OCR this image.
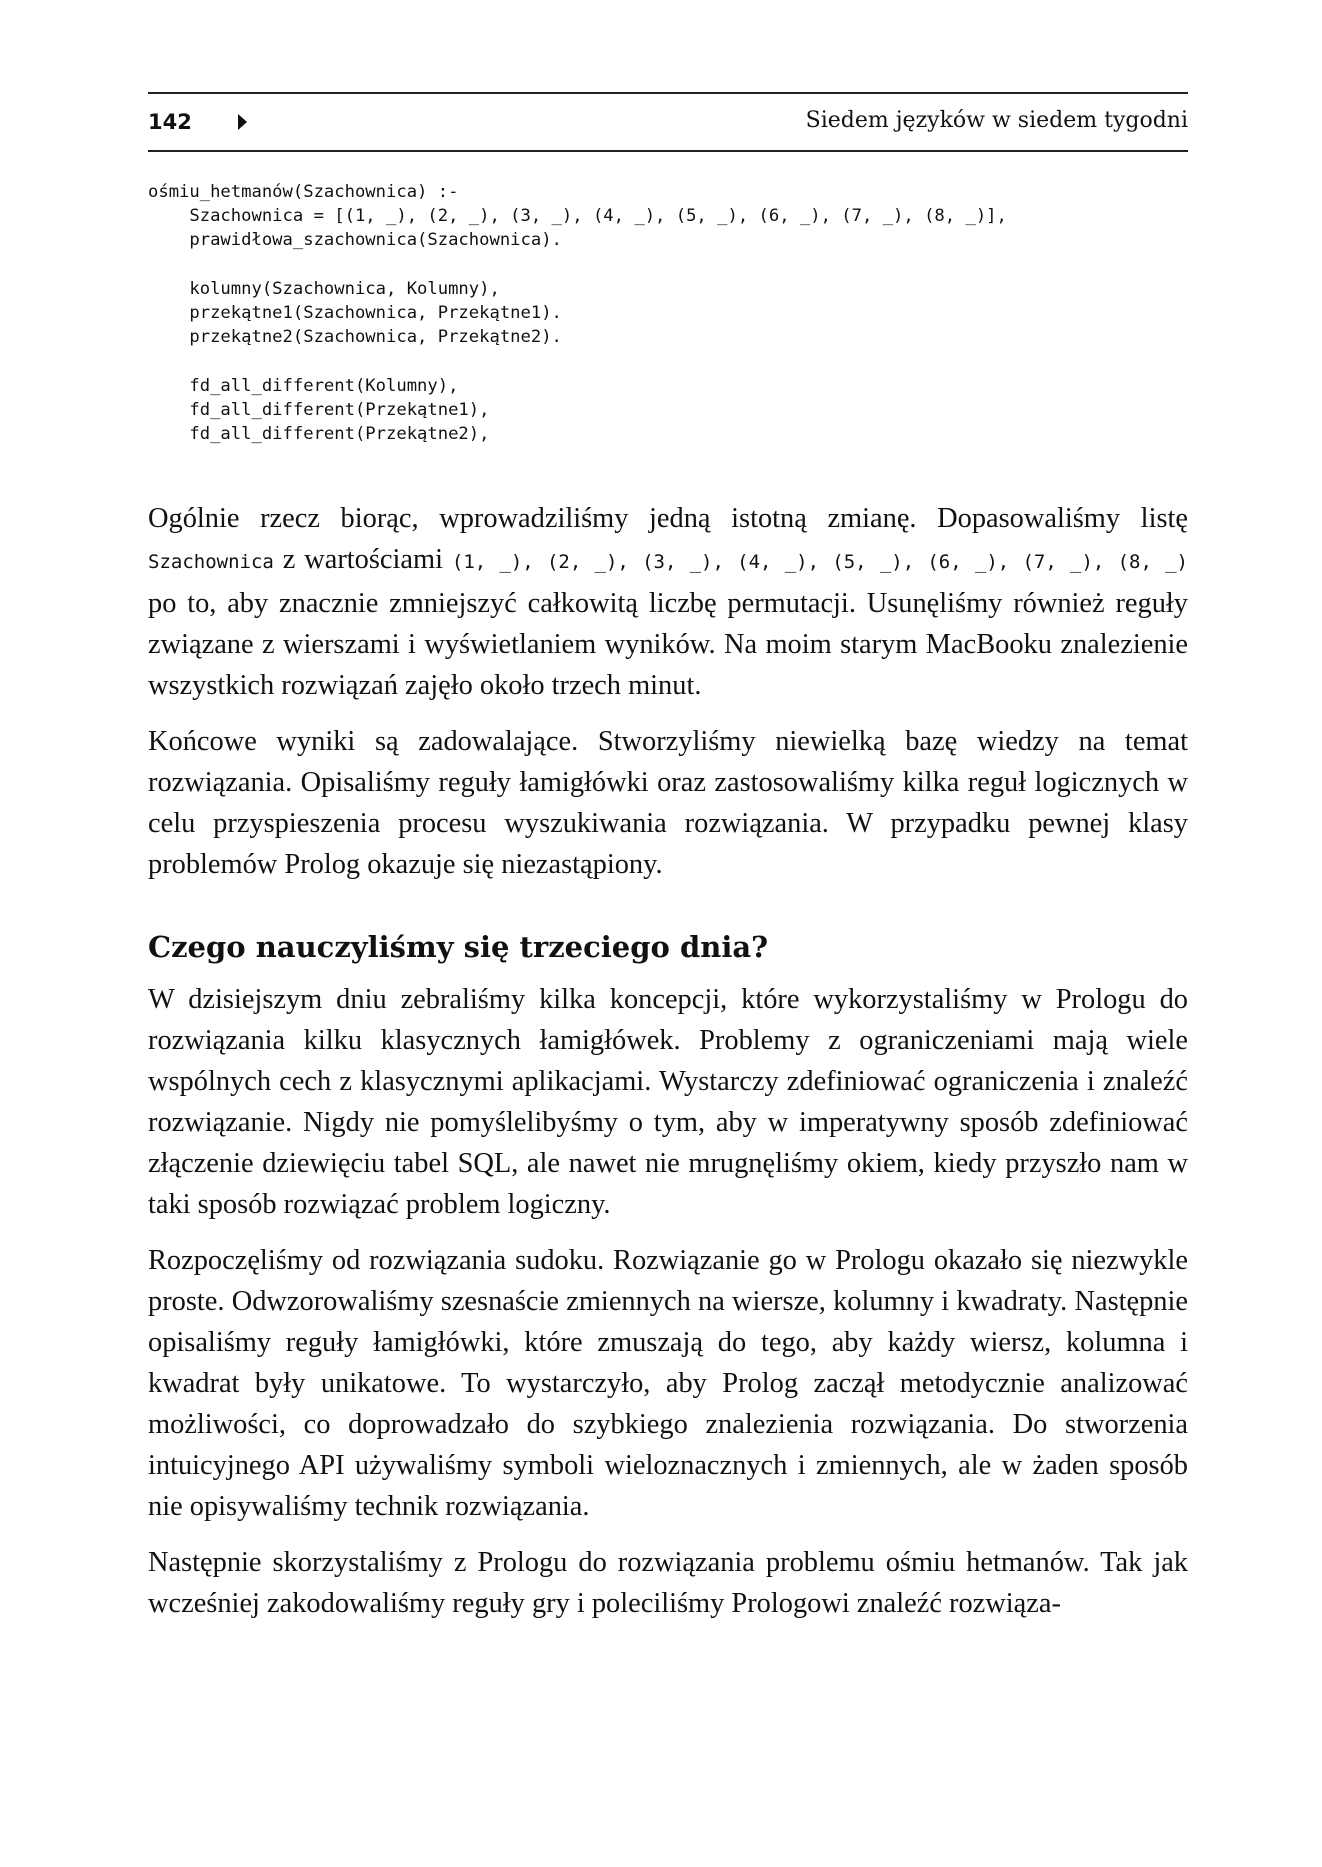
142	Siedem języków w siedem tygodni
ośmiu_hetmanów(Szachownica) :-
Szachownica = [(1, _), (2, _), (3, _), (4, _), (5, _), (6, _), (7, _), (8, _)],
prawidłowa_szachownica(Szachownica).

kolumny(Szachownica, Kolumny),
przekątne1(Szachownica, Przekątne1).
przekątne2(Szachownica, Przekątne2).

fd_all_different(Kolumny),
fd_all_different(Przekątne1),
fd_all_different(Przekątne2),

Ogólnie rzecz biorąc, wprowadziliśmy jedną istotną zmianę. Dopasowaliśmy listę Szachownica z wartościami (1, _), (2, _), (3, _), (4, _), (5, _), (6, _), (7, _), (8, _) po to, aby znacznie zmniejszyć całkowitą liczbę permutacji. Usunęliśmy również reguły związane z wierszami i wyświetlaniem wyników. Na moim starym MacBooku znalezienie wszystkich rozwiązań zajęło około trzech minut.

Końcowe wyniki są zadowalające. Stworzyliśmy niewielką bazę wiedzy na temat rozwiązania. Opisaliśmy reguły łamigłówki oraz zastosowaliśmy kilka reguł logicznych w celu przyspieszenia procesu wyszukiwania rozwiązania. W przypadku pewnej klasy problemów Prolog okazuje się niezastąpiony.

Czego nauczyliśmy się trzeciego dnia?

W dzisiejszym dniu zebraliśmy kilka koncepcji, które wykorzystaliśmy w Prologu do rozwiązania kilku klasycznych łamigłówek. Problemy z ograniczeniami mają wiele wspólnych cech z klasycznymi aplikacjami. Wystarczy zdefiniować ograniczenia i znaleźć rozwiązanie. Nigdy nie pomyślelibyśmy o tym, aby w imperatywny sposób zdefiniować złączenie dziewięciu tabel SQL, ale nawet nie mrugnęliśmy okiem, kiedy przyszło nam w taki sposób rozwiązać problem logiczny.

Rozpoczęliśmy od rozwiązania sudoku. Rozwiązanie go w Prologu okazało się niezwykle proste. Odwzorowaliśmy szesnaście zmiennych na wiersze, kolumny i kwadraty. Następnie opisaliśmy reguły łamigłówki, które zmuszają do tego, aby każdy wiersz, kolumna i kwadrat były unikatowe. To wystarczyło, aby Prolog zaczął metodycznie analizować możliwości, co doprowadzało do szybkiego znalezienia rozwiązania. Do stworzenia intuicyjnego API używaliśmy symboli wieloznacznych i zmiennych, ale w żaden sposób nie opisywaliśmy technik rozwiązania.

Następnie skorzystaliśmy z Prologu do rozwiązania problemu ośmiu hetmanów. Tak jak wcześniej zakodowaliśmy reguły gry i poleciliśmy Prologowi znaleźć rozwiąza-
